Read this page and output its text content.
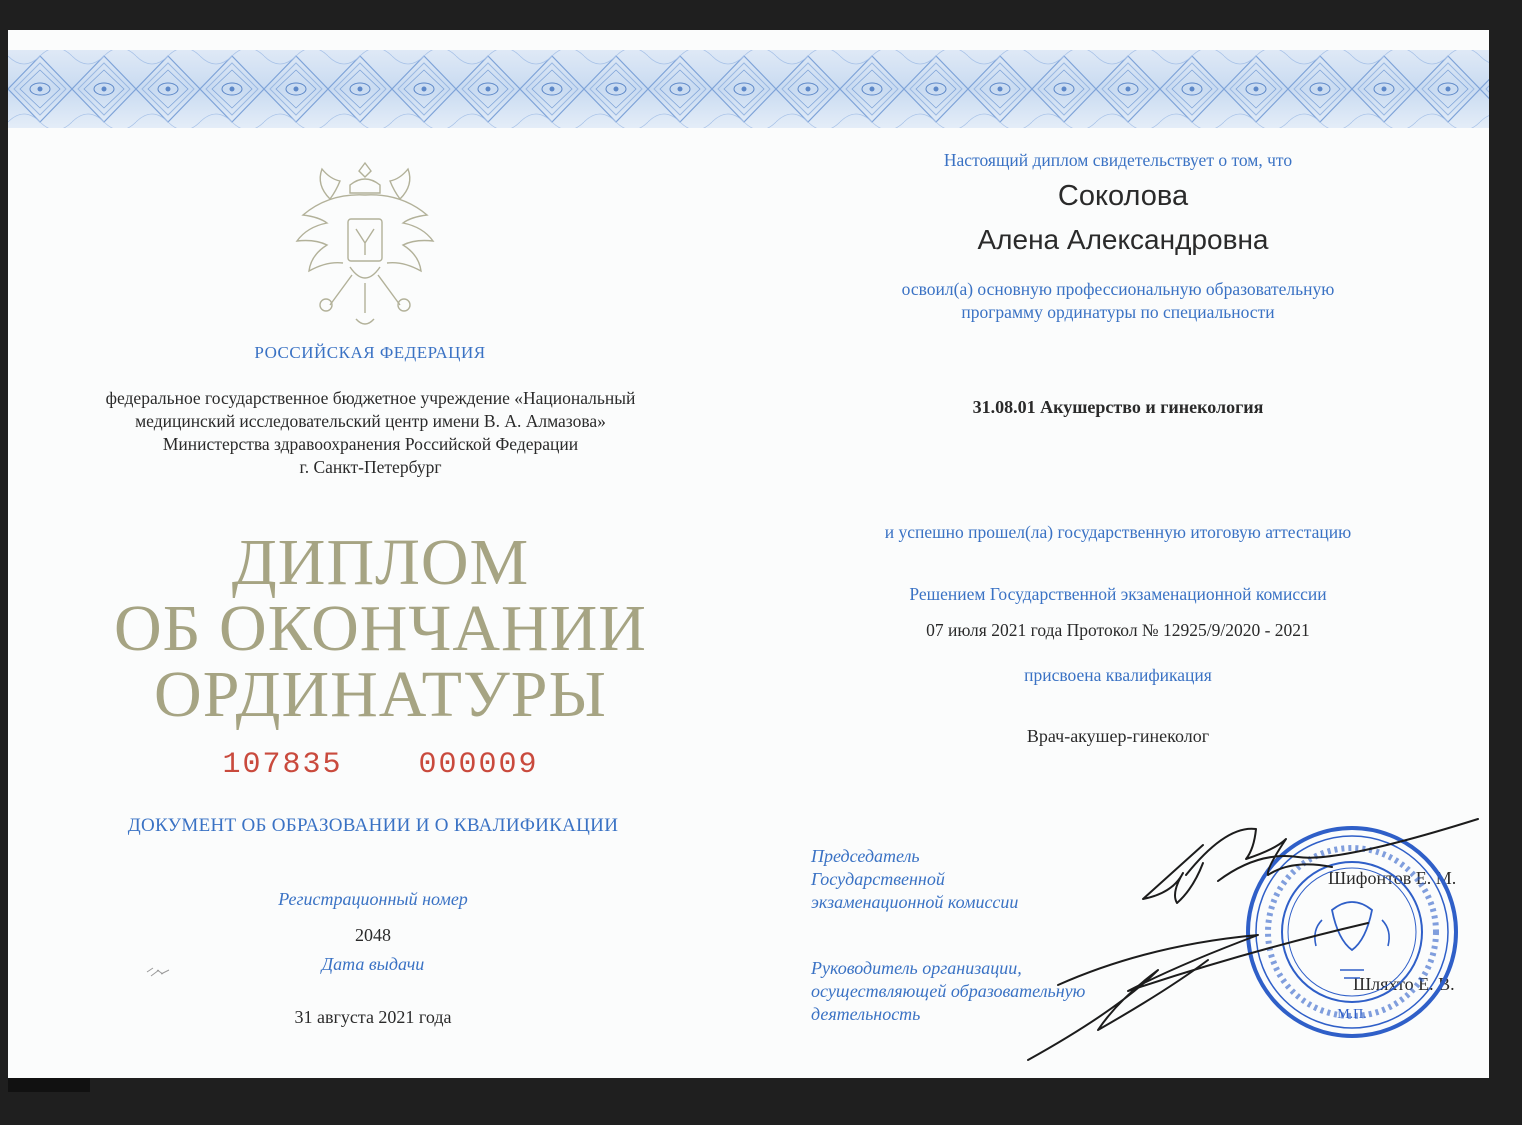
РОССИЙСКАЯ ФЕДЕРАЦИЯ
федеральное государственное бюджетное учреждение «Национальный
медицинский исследовательский центр имени В. А. Алмазова»
Министерства здравоохранения Российской Федерации
г. Санкт-Петербург
ДИПЛОМ
ОБ ОКОНЧАНИИ
ОРДИНАТУРЫ
107835	000009
ДОКУМЕНТ ОБ ОБРАЗОВАНИИ И О КВАЛИФИКАЦИИ
Регистрационный номер
2048
Дата выдачи
31 августа 2021 года
Настоящий диплом свидетельствует о том, что
Соколова
Алена Александровна
освоил(а) основную профессиональную образовательную
программу ординатуры по специальности
31.08.01 Акушерство и гинекология
и успешно прошел(ла) государственную итоговую аттестацию
Решением Государственной экзаменационной комиссии
07 июля 2021 года Протокол № 12925/9/2020 - 2021
присвоена квалификация
Врач-акушер-гинеколог
Председатель
Государственной
экзаменационной комиссии
Шифонтов Е. М.
Руководитель организации,
осуществляющей образовательную
деятельность
Шляхто Е. В.
М.П.
